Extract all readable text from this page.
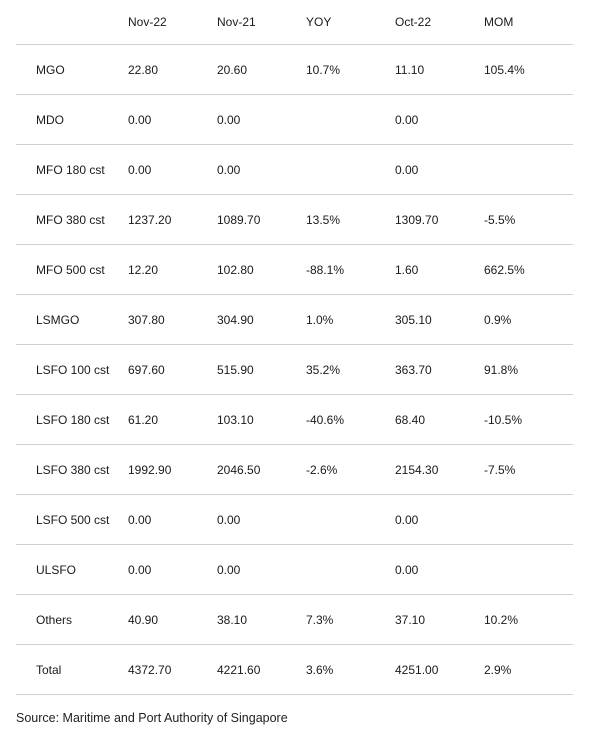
	Nov-22	Nov-21	YOY	Oct-22	MOM
MGO	22.80	20.60	10.7%	11.10	105.4%
MDO	0.00	0.00		0.00	
MFO 180 cst	0.00	0.00		0.00	
MFO 380 cst	1237.20	1089.70	13.5%	1309.70	-5.5%
MFO 500 cst	12.20	102.80	-88.1%	1.60	662.5%
LSMGO	307.80	304.90	1.0%	305.10	0.9%
LSFO 100 cst	697.60	515.90	35.2%	363.70	91.8%
LSFO 180 cst	61.20	103.10	-40.6%	68.40	-10.5%
LSFO 380 cst	1992.90	2046.50	-2.6%	2154.30	-7.5%
LSFO 500 cst	0.00	0.00		0.00	
ULSFO	0.00	0.00		0.00	
Others	40.90	38.10	7.3%	37.10	10.2%
Total	4372.70	4221.60	3.6%	4251.00	2.9%
Source: Maritime and Port Authority of Singapore
